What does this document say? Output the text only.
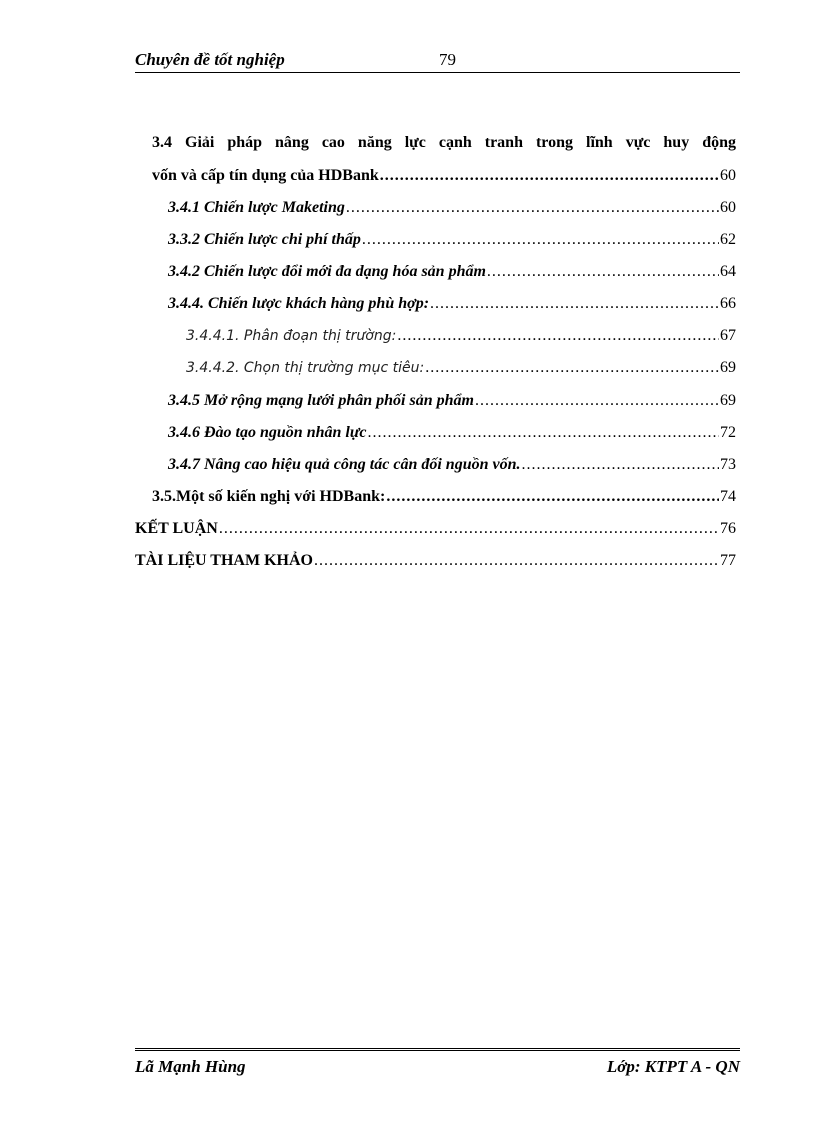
Chuyên đề tốt nghiệp	79
3.4 Giải pháp nâng cao năng lực cạnh tranh trong lĩnh vực huy động
vốn và cấp tín dụng của HDBank .....	60
3.4.1 Chiến lược Maketing .....	60
3.3.2 Chiến lược chi phí thấp .....	62
3.4.2 Chiến lược đổi mới đa dạng hóa sản phẩm .....	64
3.4.4. Chiến lược khách hàng phù hợp: .....	66
3.4.4.1. Phân đoạn thị trường: .....	67
3.4.4.2. Chọn thị trường mục tiêu: .....	69
3.4.5 Mở rộng mạng lưới phân phối sản phẩm .....	69
3.4.6 Đào tạo nguồn nhân lực .....	72
3.4.7 Nâng cao hiệu quả công tác cân đối nguồn vốn. .....	73
3.5.Một số kiến nghị với HDBank: .....	74
KẾT LUẬN .....	76
TÀI LIỆU THAM KHẢO .....	77
Lã Mạnh Hùng	Lớp: KTPT A - QN
